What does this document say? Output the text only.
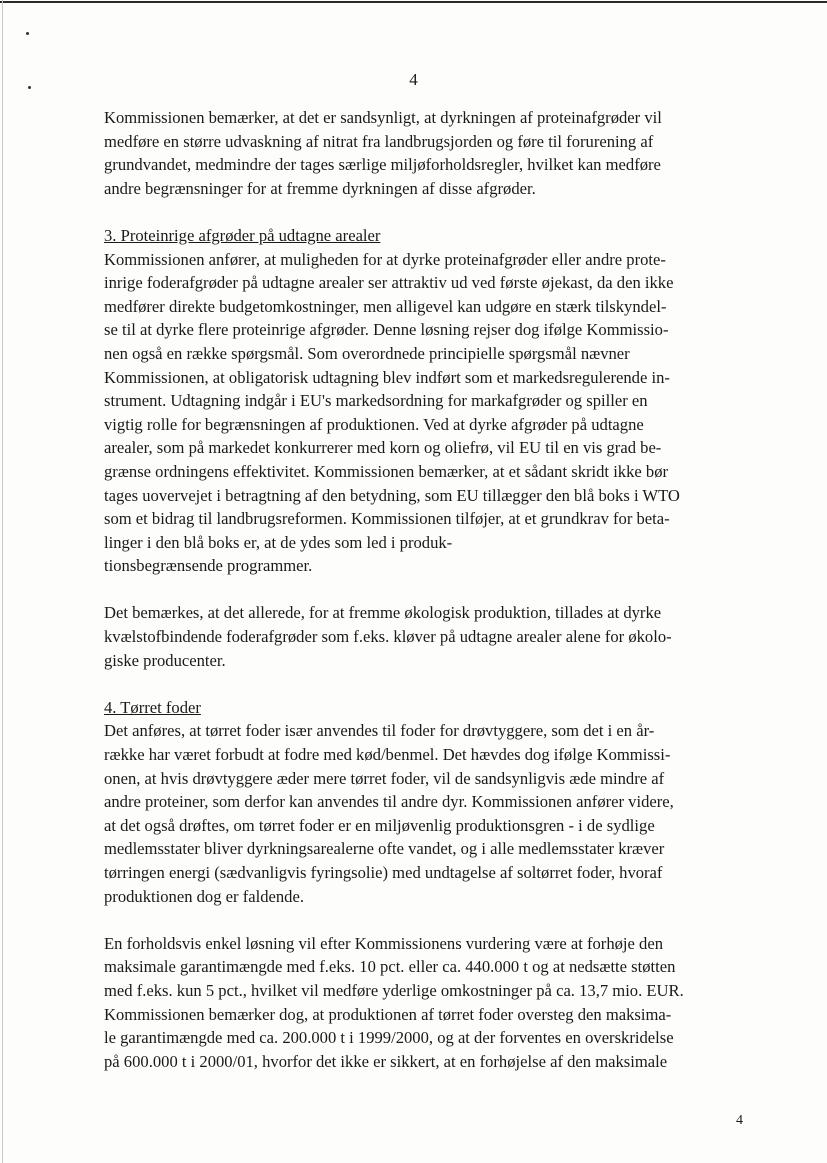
4

Kommissionen bemærker, at det er sandsynligt, at dyrkningen af proteinafgrøder vil

medføre en større udvaskning af nitrat fra landbrugsjorden og føre til forurening af

grundvandet, medmindre der tages særlige miljøforholdsregler, hvilket kan medføre

andre begrænsninger for at fremme dyrkningen af disse afgrøder.

3. Proteinrige afgrøder på udtagne arealer

Kommissionen anfører, at muligheden for at dyrke proteinafgrøder eller andre prote-

inrige foderafgrøder på udtagne arealer ser attraktiv ud ved første øjekast, da den ikke

medfører direkte budgetomkostninger, men alligevel kan udgøre en stærk tilskyndel-

se til at dyrke flere proteinrige afgrøder. Denne løsning rejser dog ifølge Kommissio-

nen også en række spørgsmål. Som overordnede principielle spørgsmål nævner

Kommissionen, at obligatorisk udtagning blev indført som et markedsregulerende in-

strument. Udtagning indgår i EU's markedsordning for markafgrøder og spiller en

vigtig rolle for begrænsningen af produktionen. Ved at dyrke afgrøder på udtagne

arealer, som på markedet konkurrerer med korn og oliefrø, vil EU til en vis grad be-

grænse ordningens effektivitet. Kommissionen bemærker, at et sådant skridt ikke bør

tages uovervejet i betragtning af den betydning, som EU tillægger den blå boks i WTO

som et bidrag til landbrugsreformen. Kommissionen tilføjer, at et grundkrav for beta-

linger i den blå boks er, at de ydes som led i produk-

tionsbegrænsende programmer.

Det bemærkes, at det allerede, for at fremme økologisk produktion, tillades at dyrke

kvælstofbindende foderafgrøder som f.eks. kløver på udtagne arealer alene for økolo-

giske producenter.

4. Tørret foder

Det anføres, at tørret foder især anvendes til foder for drøvtyggere, som det i en år-

række har været forbudt at fodre med kød/benmel. Det hævdes dog ifølge Kommissi-

onen, at hvis drøvtyggere æder mere tørret foder, vil de sandsynligvis æde mindre af

andre proteiner, som derfor kan anvendes til andre dyr. Kommissionen anfører videre,

at det også drøftes, om tørret foder er en miljøvenlig produktionsgren - i de sydlige

medlemsstater bliver dyrkningsarealerne ofte vandet, og i alle medlemsstater kræver

tørringen energi (sædvanligvis fyringsolie) med undtagelse af soltørret foder, hvoraf

produktionen dog er faldende.

En forholdsvis enkel løsning vil efter Kommissionens vurdering være at forhøje den

maksimale garantimængde med f.eks. 10 pct. eller ca. 440.000 t og at nedsætte støtten

med f.eks. kun 5 pct., hvilket vil medføre yderlige omkostninger på ca. 13,7 mio. EUR.

Kommissionen bemærker dog, at produktionen af tørret foder oversteg den maksima-

le garantimængde med ca. 200.000 t i 1999/2000, og at der forventes en overskridelse

på 600.000 t i 2000/01, hvorfor det ikke er sikkert, at en forhøjelse af den maksimale

4
